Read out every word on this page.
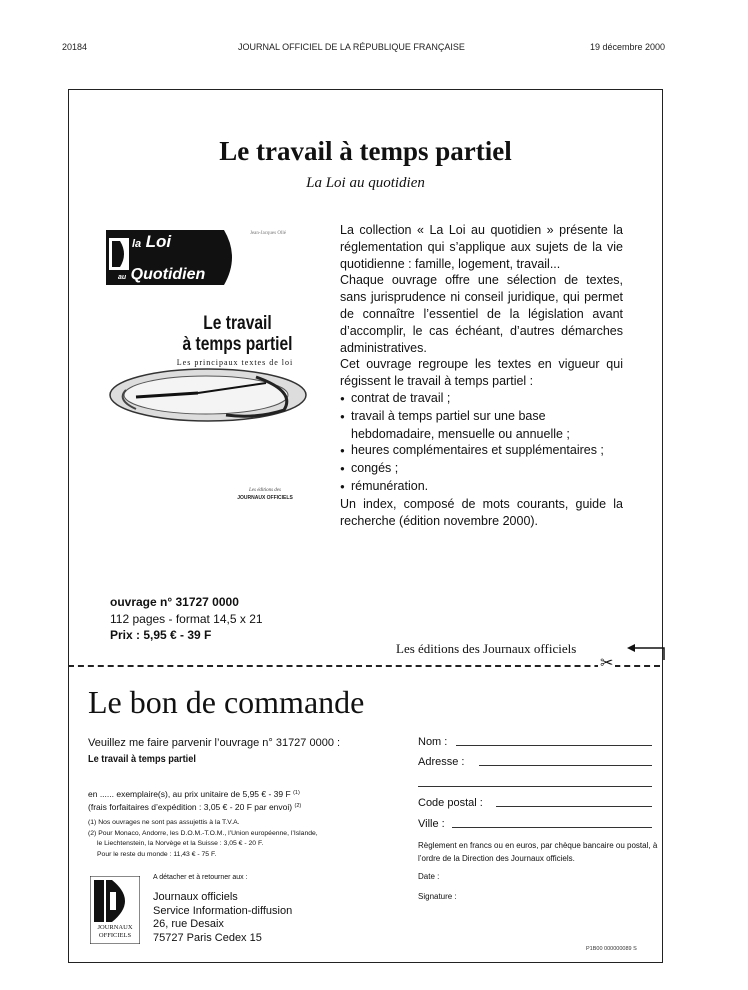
20184	JOURNAL OFFICIEL DE LA RÉPUBLIQUE FRANÇAISE	19 décembre 2000
Le travail à temps partiel
La Loi au quotidien
la Loi
au Quotidien
Jean-Jacques Ollé
Le travail
à temps partiel
Les principaux textes de loi
Les éditions des
JOURNAUX OFFICIELS

La collection « La Loi au quotidien » présente la réglementation qui s’applique aux sujets de la vie quotidienne : famille, logement, travail...

Chaque ouvrage offre une sélection de textes, sans jurisprudence ni conseil juridique, qui permet de connaître l’essentiel de la législation avant d’accomplir, le cas échéant, d’autres démarches administratives.

Cet ouvrage regroupe les textes en vigueur qui régissent le travail à temps partiel :

● contrat de travail ;
● travail à temps partiel sur une base hebdomadaire, mensuelle ou annuelle ;
● heures complémentaires et supplémentaires ;
● congés ;
● rémunération.

Un index, composé de mots courants, guide la recherche (édition novembre 2000).

ouvrage n° 31727 0000
112 pages - format 14,5 x 21
Prix : 5,95 € - 39 F
Les éditions des Journaux officiels
✂
Le bon de commande
Veuillez me faire parvenir l’ouvrage n° 31727 0000 :
Le travail à temps partiel
en ...... exemplaire(s), au prix unitaire de 5,95 € - 39 F $^{(1)}$
(frais forfaitaires d’expédition : 3,05 € - 20 F par envoi) $^{(2)}$
(1) Nos ouvrages ne sont pas assujettis à la T.V.A.
(2) Pour Monaco, Andorre, les D.O.M.-T.O.M., l’Union européenne, l’Islande,
le Liechtenstein, la Norvège et la Suisse : 3,05 € - 20 F.
Pour le reste du monde : 11,43 € - 75 F.
A détacher et à retourner aux :
JOURNAUX
OFFICIELS
Journaux officiels
Service Information-diffusion
26, rue Desaix
75727 Paris Cedex 15
Nom :
Adresse :
Code postal :
Ville :
Règlement en francs ou en euros, par chèque bancaire ou postal, à l’ordre de la Direction des Journaux officiels.
Date :
Signature :
P1B00 000000089 S
